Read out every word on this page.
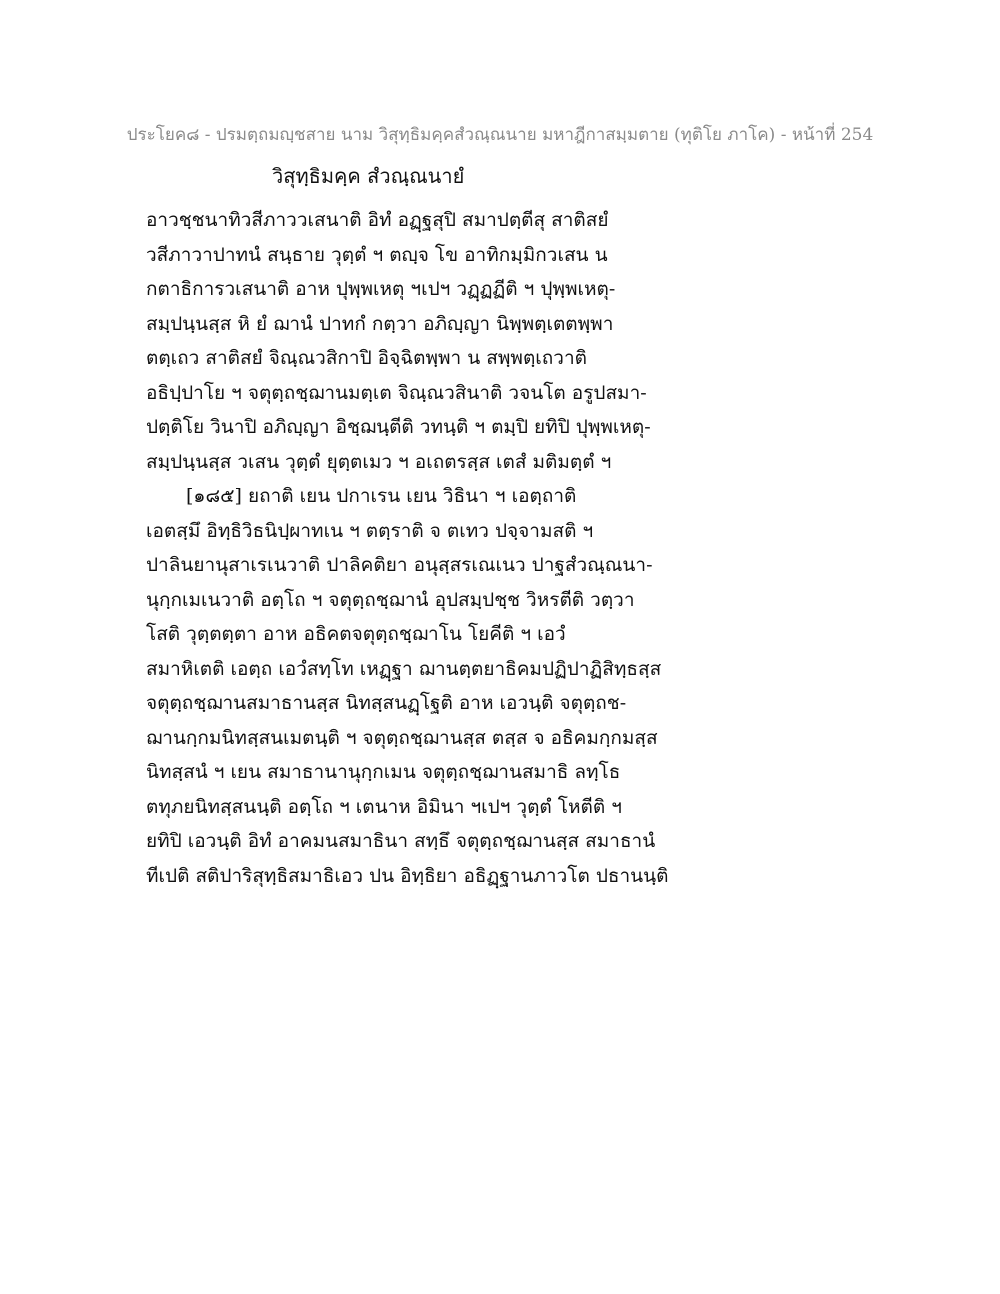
ประโยค๘ - ปรมตฺถมญฺชสาย นาม วิสุทฺธิมคฺคสํวณฺณนาย มหาฎีกาสมฺมตาย (ทุติโย ภาโค) - หน้าที่ 254
วิสุทฺธิมคฺค สํวณฺณนายํ
อาวชฺชนาทิวสีภาววเสนาติ อิทํ อฏฺฐสุปิ สมาปตฺตีสุ สาติสยํ
วสีภาวาปาทนํ สนฺธาย วุตฺตํ ฯ ตญฺจ โข อาทิกมฺมิกวเสน น
กตาธิการวเสนาติ อาห ปุพฺพเหตุ ฯเปฯ วฏฺฏฏีติ ฯ ปุพฺพเหตุ-
สมฺปนฺนสฺส หิ ยํ ฌานํ ปาทกํ กตฺวา อภิญฺญา นิพฺพตฺเตตพฺพา
ตตฺเถว สาติสยํ จิณฺณวสิกาปิ อิจฺฉิตพฺพา น สพฺพตฺเถวาติ
อธิปฺปาโย ฯ จตุตฺถชฺฌานมตฺเต จิณฺณวสินาติ วจนโต อรูปสมา-
ปตฺติโย วินาปิ อภิญฺญา อิชฺฌนฺตีติ วทนฺติ ฯ ตมฺปิ ยทิปิ ปุพฺพเหตุ-
สมฺปนฺนสฺส วเสน วุตฺตํ ยุตฺตเมว ฯ อเถตรสฺส เตสํ มติมตฺตํ ฯ
[๑๘๕] ยถาติ เยน ปกาเรน เยน วิธินา ฯ เอตฺถาติ
เอตสฺมึ อิทฺธิวิธนิปฺผาทเน ฯ ตตฺราติ จ ตเทว ปจฺจามสติ ฯ
ปาลินยานุสาเรเนวาติ ปาลิคติยา อนุสฺสรเณเนว ปาฐสํวณฺณนา-
นุกฺกเมเนวาติ อตฺโถ ฯ จตุตฺถชฺฌานํ อุปสมฺปชฺช วิหรตีติ วตฺวา
โสติ วุตฺตตฺตา อาห อธิคตจตุตฺถชฺฌาโน โยคีติ ฯ เอวํ
สมาหิเตติ เอตฺถ เอวํสทฺโท เหฏฺฐา ฌานตฺตยาธิคมปฏิปาฏิสิทฺธสฺส
จตุตฺถชฺฌานสมาธานสฺส นิทสฺสนฏฺโฐติ อาห เอวนฺติ จตุตฺถช-
ฌานกฺกมนิทสฺสนเมตนฺติ ฯ จตุตฺถชฺฌานสฺส ตสฺส จ อธิคมกฺกมสฺส
นิทสฺสนํ ฯ เยน สมาธานานุกฺกเมน จตุตฺถชฺฌานสมาธิ ลทฺโธ
ตทุภยนิทสฺสนนฺติ อตฺโถ ฯ เตนาห อิมินา ฯเปฯ วุตฺตํ โหตีติ ฯ
ยทิปิ เอวนฺติ อิทํ อาคมนสมาธินา สทฺธึ จตุตฺถชฺฌานสฺส สมาธานํ
ทีเปติ สติปาริสุทฺธิสมาธิเอว ปน อิทฺธิยา อธิฏฺฐานภาวโต ปธานนฺติ
